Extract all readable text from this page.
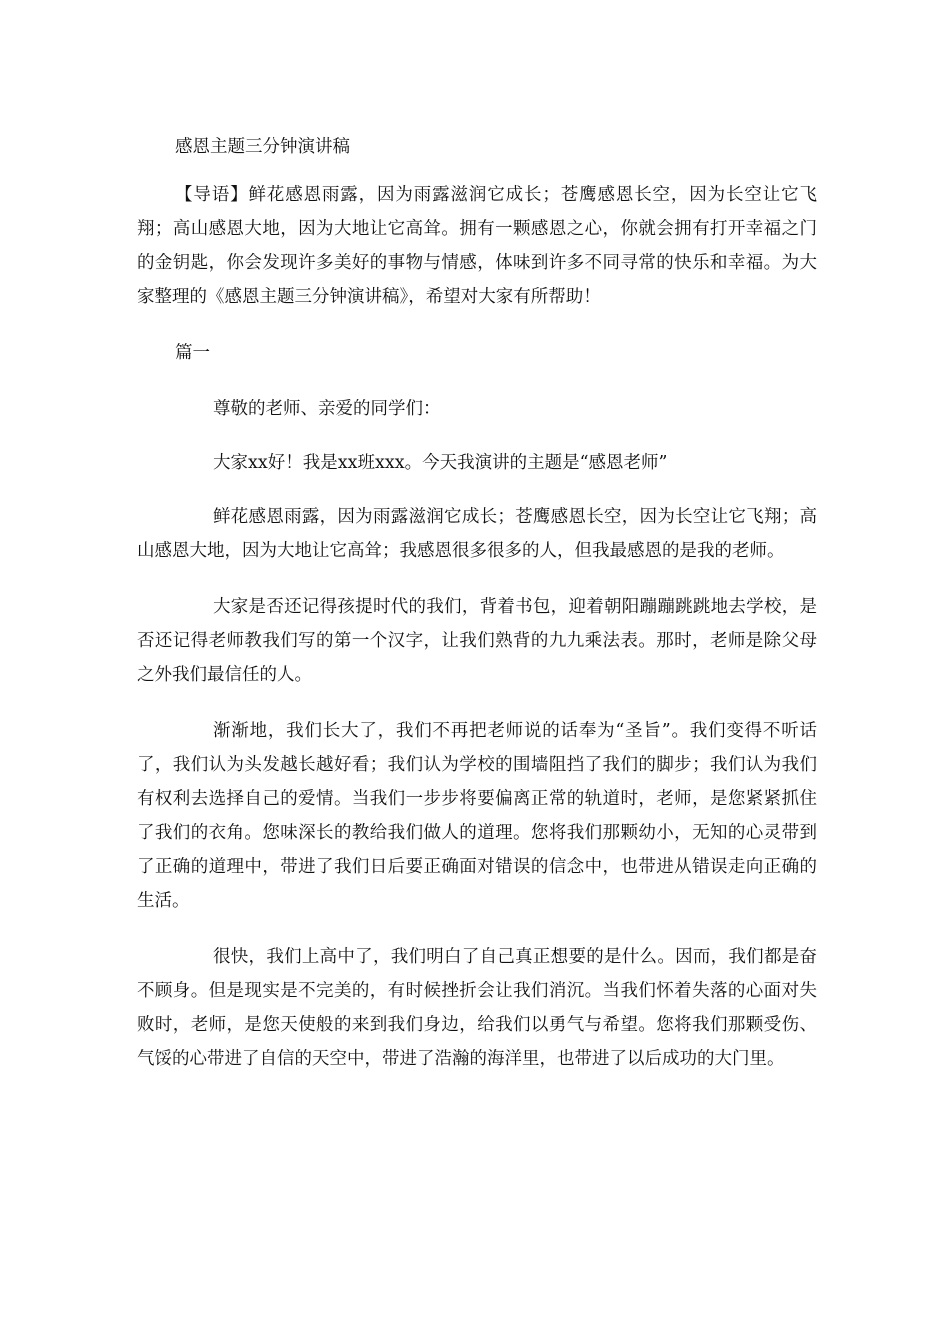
感恩主题三分钟演讲稿

【导语】鲜花感恩雨露，因为雨露滋润它成长；苍鹰感恩长空，因为长空让它飞翔；高山感恩大地，因为大地让它高耸。拥有一颗感恩之心，你就会拥有打开幸福之门的金钥匙，你会发现许多美好的事物与情感，体味到许多不同寻常的快乐和幸福。为大家整理的《感恩主题三分钟演讲稿》，希望对大家有所帮助！

篇一

尊敬的老师、亲爱的同学们：

大家xx好！我是xx班xxx。今天我演讲的主题是“感恩老师”

鲜花感恩雨露，因为雨露滋润它成长；苍鹰感恩长空，因为长空让它飞翔；高山感恩大地，因为大地让它高耸；我感恩很多很多的人，但我最感恩的是我的老师。

大家是否还记得孩提时代的我们，背着书包，迎着朝阳蹦蹦跳跳地去学校，是否还记得老师教我们写的第一个汉字，让我们熟背的九九乘法表。那时，老师是除父母之外我们最信任的人。

渐渐地，我们长大了，我们不再把老师说的话奉为“圣旨”。我们变得不听话了，我们认为头发越长越好看；我们认为学校的围墙阻挡了我们的脚步；我们认为我们有权利去选择自己的爱情。当我们一步步将要偏离正常的轨道时，老师，是您紧紧抓住了我们的衣角。您味深长的教给我们做人的道理。您将我们那颗幼小，无知的心灵带到了正确的道理中，带进了我们日后要正确面对错误的信念中，也带进从错误走向正确的生活。

很快，我们上高中了，我们明白了自己真正想要的是什么。因而，我们都是奋不顾身。但是现实是不完美的，有时候挫折会让我们消沉。当我们怀着失落的心面对失败时，老师，是您天使般的来到我们身边，给我们以勇气与希望。您将我们那颗受伤、气馁的心带进了自信的天空中，带进了浩瀚的海洋里，也带进了以后成功的大门里。
